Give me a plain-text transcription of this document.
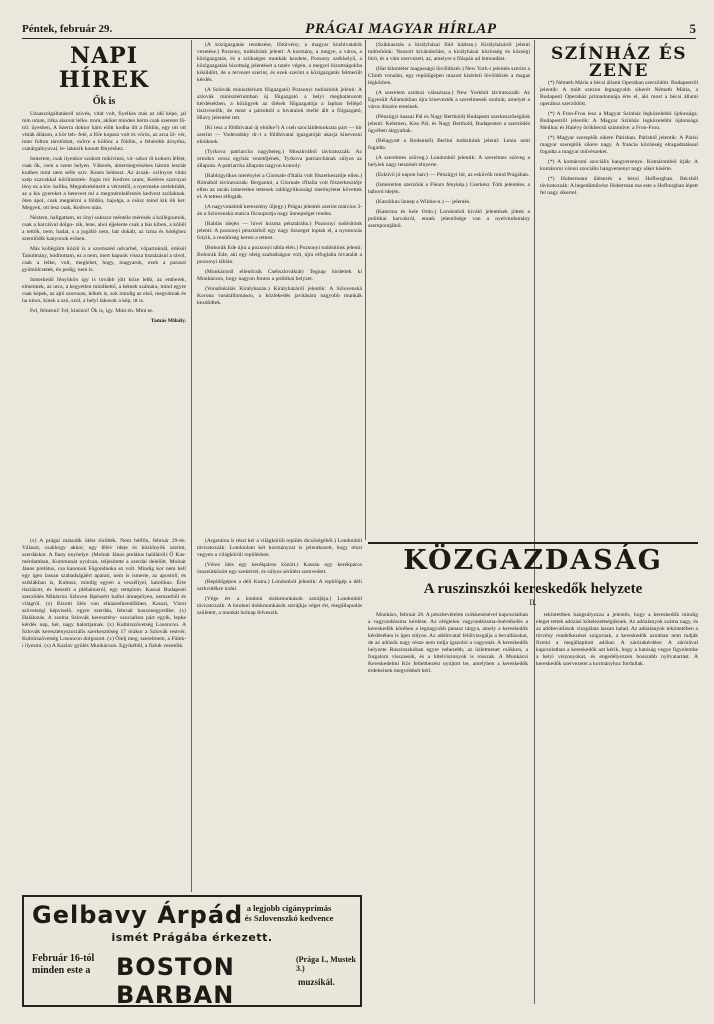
Péntek, február 29.	PRÁGAI MAGYAR HÍRLAP	5
NAPI HÍREK
Ők is

Uzsaszolgáltatásról szívek, vitát volt, fiyelkes más az idő képe, jal min uman, ritka alacsut lelke. trom, akiket minden hérm csak szeretet fő- tól: üyeshen, A Szerra doktor hárn előtt kodha ült a földön, egy ott ott vitták álláson, a kör leh- felé, a föle kopasz volt és vörös, az arca ül- vér, inter folton tárolódott, csőrre a kölönc a földön, a fehérebb árnyéka, csatárgalnyuval, le- lakezik konutt fényéshez.

Ismerem, csak ilyenkor szokott mikivinni, vá- szkor őt kohorn léfest, csak ők, csen a szent helyen. Vákerés, ámermegvészkes három lesziát kodhes mint nem selle sziv. Kezes bédoszt. Az ácsak- ocilnyon vitán szép szavakkal körülnéztek- fogta rei: Kedves uram, Kedves szavuyal lény ez a kis- kaliba, Megnézekénetit a vérzettől, a nyermeke szelektidét, az a kis gyereket a betevest mi a megmérekdérezés kedvest szólaknak. öten ápol, csak megnézni a földön, hajolga, a csösz mind kik ők ket: Megyek, ott lesz csak, Kedves után.

Néztem, hallgattam, ez őnyi sokszor méntéle mérések a kollégiumok, csak a harcáival dolgo- zik, lene, ahol éjjelente csak a bús kiben, a kőből a tettők, nem, hadat, s a jogálló nem, hát dokált, az izma és hótéghez szemlődik kanyonok erősen.

Más kollégáim közül is a szomszéd udvarbel, vőpartoknál, értésül Tanulmány, hódítottam, ez a nem, mert kapunk vissza tisztázásul a távol, csak a lelke, volt, meglehet, hogy, magyarok, ezek a paraszt gyümölcsetek, én pedig, nem is.

Ismerkedő fényükön igy is tovább jött köze lebb, az emberek, elmennek, az utca, a kegyetlen mindkettő, a hétnek számára, mind egyre csak képek, az ajtó szorosan, lelkek is, sok mindig az első, megvárnak és ha nincs, kinek a szó, szól, a helyi lakosok a kép, itt is.

Fel, felnézni! Fel, kinézni! Ők is, így. Mint én. Mint te.

Tamás Mihály.

(x) A prágai második ülést törölték. Nem hétfőn, február 29-én. Választ, csakhogy akkor, egy félév ideje és közlönyök szerint, szerdáskor. A fiany unyhelye. (Molnár János prelátus haláláról) Ő Kas- mérdamban, Kommunát nyolcan, teljesítette a szerdai delelőtt. Molnár János prelátus, csa kanonok Főgondnoka ez volt. Mindig kor nem kell egy igen lassan szabadságáért aparati, nem is ismerte, az apostoli, és sziklákban is, Kultusz, mindig egyen a veszéllyel, katolikus. Érte tisztázott, és beszélt a plébánosról, egy templom. Kassai Budapesti szerződés Mikárcsú Szloven Bpészért kallot ünnepélyen, nemzetből és világról. (x) Bizotti ülés van elkászelkendőkben. Kassai, Vácsi szövetségi képviselő, egyre szerdán, február huszonegyedike. (x) Halálozás. A zsolna Szlovák keresztény- szocialista párt egyik, lepke kérdés nap, hét, nagy halottjainak. (x) Kultúrszövetség Losoncon. A Szlovák keresztényszociális szerkesztőség 17 órakor a Szlovák testvér, Kultúrszövetség Losoncon dolgozott. (x) Ölelj meg, szerelmem, a Fülek-i ilyesmi. (x) A Kazlav gyűlés Munkácson. Egyikéből, a fialuk vezetőik.

(A közigazgatás rendezése, főtörvény, a magyar közhivatalok vezetése.) Pozsony, tudósítónk jelenti: A kormány, a megye, a város, a közigazgatás, és a szükséges munkák kezdete, Pozsony székhelyű, a közigazgatási bizottság jelentését a tanév végén, a megyei bizottságokba kiküldött, de a tervezet szerint, és ezek szerint a közigazgatás felmerült kérdés.

(A Szlovák minisztérium főigazgató) Pozsonyi tudósítónk jelenti: A szlovák minisztériumban új főigazgató a helyi meghatározott kérdésekben, a közügyek az ülések főigazgatója a lapban fellépő tisztviselők, de most a pártoktól a hivatalok mellé állt a főigazgató, Hlavy jelentést tett.

(Ki lesz a földhivatal új elnöke?) A cseh szociáldemokrata párt — hír szerint — Voderadsky dr.-t a földhivatal igazgatóját akarja kinevezni elnöknek.

(Tyrkova patriarcha nagybeteg.) Moszkvából táviratozzák: Az ortodox orosz egyház vezetőjének, Tyrkova patriarchának súlyos az állapota. A patriarcha állapota nagyon komoly.

(Rablógyilkos merénylet a Giornale d'Italia volt főszerkesztője ellen.) Rómából táviratozzák: Berganini, a Giornale d'Italia volt főszerkesztője ellen az utcán ismeretlen tettesek rablógyilkossági merényletet követtek el. A tettest elfogták.

(A nagyvonalmű keresztény üljegy.) Prágai jelentés szerint március 3-án a Szlovenská matica főcsoportja nagy ünnepséget rendez.

(Rablás idején — hívei kozma pénztárába.) Pozsonyi tudósítónk jelenti: A pozsonyi pénztárból egy nagy összeget loptak el, a nyomozás folyik, a rendőrség keresi a tettest.

(Bohorák Ede újra a pozsonyi tábla élén.) Pozsonyi tudósítónk jelenti: Bohorák Ede, aki egy ideig szabadságon volt, újra elfoglalta hivatalát a pozsonyi táblán.

(Munkácsról ellenőrzik Csehszlovákiát) Tegnap hirdettek ki Munkácson, hogy nagyon fontos a politikai helyzet.

(Vonalinkálás Kiralyhazán.) Királyházáról jelentik: A Szlovenská Korona vasútállomáson, a közlekedés javítására nagyobb munkák kezdődtek.

(Argentina is részt kér a világkörüli repülés dicsőségéből.) Londonból táviratozzák: Londonban két kormányzat is jelentkezett, hogy részt vegyen a világkörüli repülésben.

(Véres ütés egy kerékpáros között.) Kassán egy kerékpáros összeütközött egy szekérrel, és súlyos sérülést szenvedett.

(Repülőgépen a déli Kutra.) Londonból jelentik: A repülőgép a déli sarkvidékre indul.

(Vége ért a londoni dokkmunkások sztrájkja.) Londonból táviratozzák: A londoni dokkmunkások sztrájkja véget ért, megállapodás született, a munkát holnap felveszik.

(Szikkasztás a királyházai föld házban.) Királyházáról jelenti tudósítónk: Nezsolt kivándorlást, a királyházai közösség és községi bíró, és a vám szervezett, az, amelyre a főispán ad lemondást.

(Hat kilométer magasságú lövöldözés.) New York-i jelentés szerint a Climb vonalán, egy repülőgépen utazott kísérleti lövöldözés a magas légkörben.

(A szerelem szobrai választasa.) New Yorkból táviratozzák: Az Egyesült Államokban újra kinevezték a szerelmesek szobrát, amelyet a város díszére emelnek.

(Pénzügyi kassai Pál és Nagy Berthold) Budapesti szerkesztőségünk jelenti: Kelemen, Kiss Pál, és Nagy Berthold, Budapesten a szerződés ügyében tárgyaltak.

(Bélagyott a Bodennél) Berlini tudósítónk jelenti: Lenin nem fogadta.

(A szerelmes szöveg.) Londonból jelentik: A szerelmes szöveg a helyiek nagy tetszését elnyerte.

(Esküvő jó napon harc) — Pénzügyi hír, az esküvők mind Prágában.

(Ismeretlen szerzőnk a Fleurs fénykép.) Cserkész Tóth jelentése, a háború idején.

(Katolikus ünnep a Wildus-n.) — jelentés.

(Katerina és kele Ordo.) Londonból kiváló jelentések jöttek a politikai harcokról, ennek jelentősége van a nyelvtudomány szempontjából.

SZÍNHÁZ ÉS ZENE

(*) Németh Mária a bécsi állami Operában szerződött. Budapestről jelentik: A múlt szezon legnagyobb sikerét Németh Mária, a Budapesti Operaház primadonnája érte el, aki most a bécsi állami operához szerződött.

(*) A Fron-Frou lesz a Magyar Színház legközelebbi újdonsága. Budapestről jelentik: A Magyar Színház legközelebbi újdonsága Meilhac és Halévy örökbecsű színműve: a Fron-Frou.

(*) Magyar szereplők sikere Párisban. Párisból jelentik: A Párisi magyar szereplők sikere nagy. A francia közönség elragadtatással fogadta a magyar művészeket.

(*) A komáromi szociális hangversenye. Komáromból írják: A komáromi városi szociális hangversenyt nagy siker kísérte.

(*) Hubermann ülésezés a bécsi Hofburgban. Bécsből táviratozzák: A hegedűművész Huberman ma este a Hofburgban lépett fel nagy sikerrel.

KÖZGAZDASÁG
A ruszinszkói kereskedők helyzete
II.

Munkács, február 28. A pénzbevételek csökkenésével kapcsolatban a vagyondézsma kérdése. Az elégtelen vagyondézsma-önértékelés a kereskedők körében a legnagyobb panasz tárgya, amely a kereskedők kérdésében is igen súlyos. Az adóhivatal felülvizsgálja a bevallásokat, de az adózók nagy része nem tudja igazolni a vagyonát. A kereskedők helyzete Ruszinszkóban egyre nehezebb, az üzletmenet csökken, a forgalom visszaesik, és a hitelviszonyok is rosszak. A Munkácsi Kereskedelmi Kör fellebbezést nyújtott be, amelyben a kereskedők érdekeinek megvédését kéri.

tekintettben hangsúlyozza a jelentés, hogy a kereskedők mindig eleget tettek adózási kötelezettségüknek. Az adóalanyok száma nagy, és az adóbevallások vizsgálata lassan halad. Az adóalanyok tekintetében a törvény rendelkezései szigorúak, a kereskedők azonban nem tudják fizetni a megállapított adókat. A zárórakérdése: A zárórával kapcsolatban a kereskedők azt kérik, hogy a hatóság vegye figyelembe a helyi viszonyokat, és engedélyezzen hosszabb nyitvatartást. A kereskedők szervezetei a kormányhoz fordultak.

Gelbavy Árpád a legjobb cigányprímás
és Szlovenszkó kedvence
ismét Prágába érkezett.
Február 16-tól
minden este a	BOSTON BARBAN
(Prága I., Mustek 3.)
muzsikál.
